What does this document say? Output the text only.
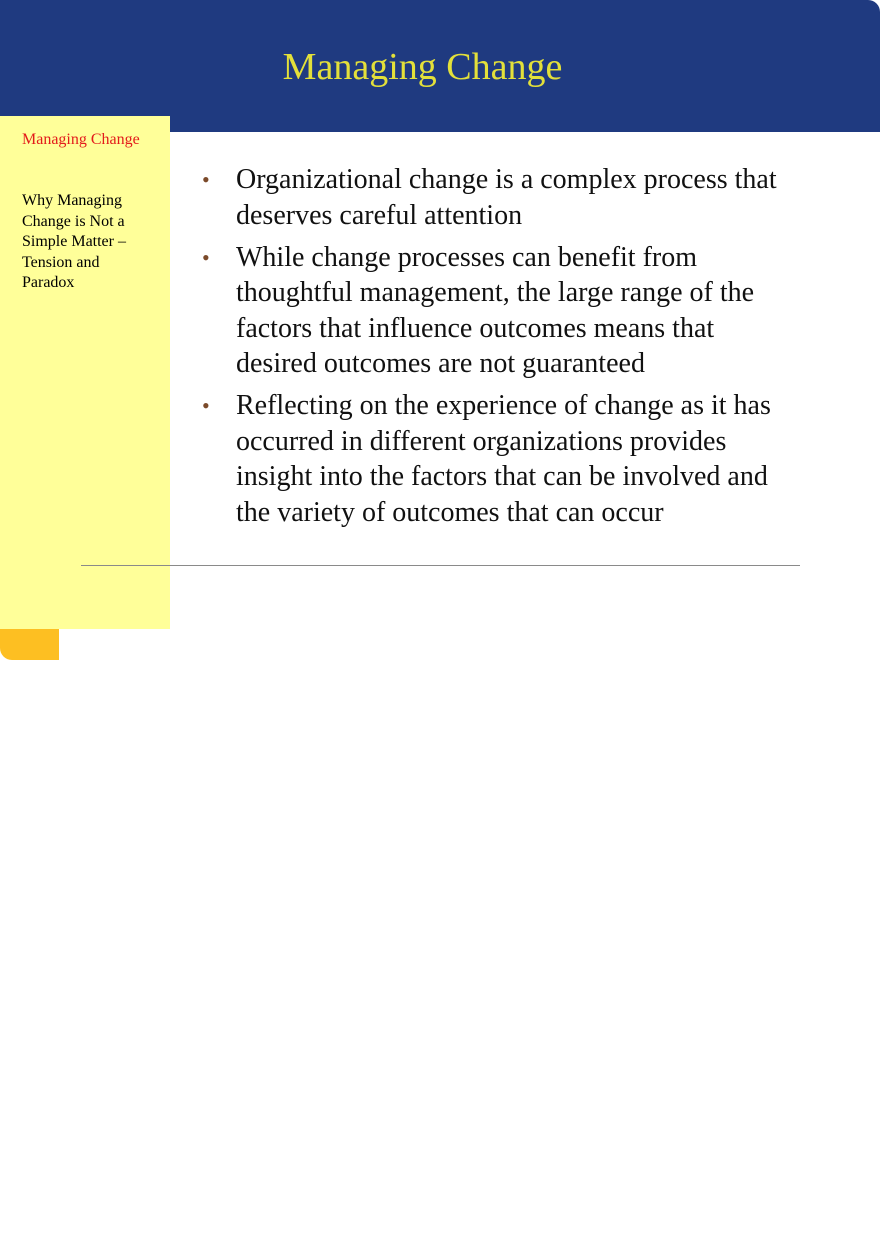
Managing Change
Managing Change
Why Managing Change is Not a Simple Matter – Tension and Paradox
• Organizational change is a complex process that deserves careful attention
• While change processes can benefit from thoughtful management, the large range of the factors that influence outcomes means that desired outcomes are not guaranteed
• Reflecting on the experience of change as it has occurred in different organizations provides insight into the factors that can be involved and the variety of outcomes that can occur
